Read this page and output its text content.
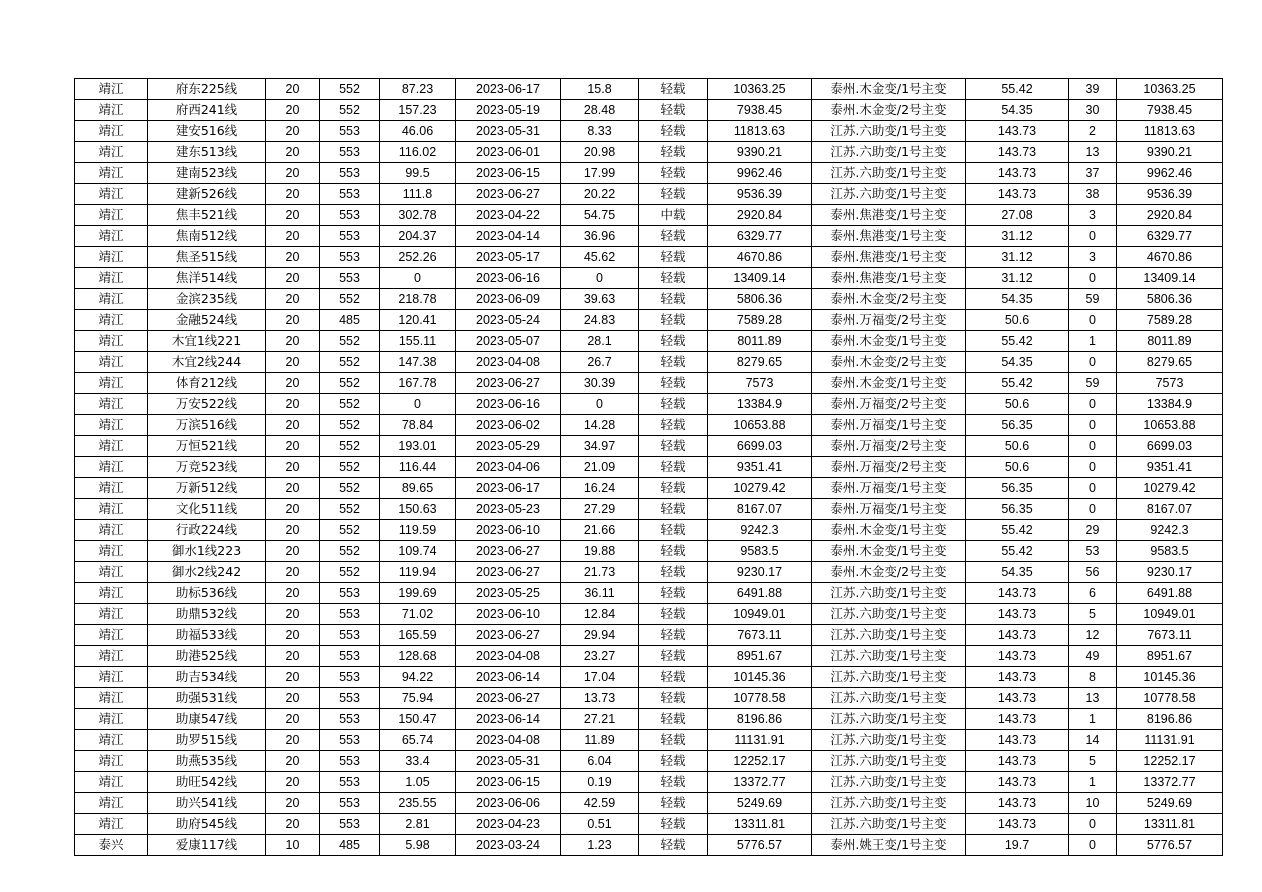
靖江	府东225线	20	552	87.23	2023-06-17	15.8	轻载	10363.25	泰州.木金变/1号主变	55.42	39	10363.25
靖江	府西241线	20	552	157.23	2023-05-19	28.48	轻载	7938.45	泰州.木金变/2号主变	54.35	30	7938.45
靖江	建安516线	20	553	46.06	2023-05-31	8.33	轻载	11813.63	江苏.六助变/1号主变	143.73	2	11813.63
靖江	建东513线	20	553	116.02	2023-06-01	20.98	轻载	9390.21	江苏.六助变/1号主变	143.73	13	9390.21
靖江	建南523线	20	553	99.5	2023-06-15	17.99	轻载	9962.46	江苏.六助变/1号主变	143.73	37	9962.46
靖江	建新526线	20	553	111.8	2023-06-27	20.22	轻载	9536.39	江苏.六助变/1号主变	143.73	38	9536.39
靖江	焦丰521线	20	553	302.78	2023-04-22	54.75	中载	2920.84	泰州.焦港变/1号主变	27.08	3	2920.84
靖江	焦南512线	20	553	204.37	2023-04-14	36.96	轻载	6329.77	泰州.焦港变/1号主变	31.12	0	6329.77
靖江	焦圣515线	20	553	252.26	2023-05-17	45.62	轻载	4670.86	泰州.焦港变/1号主变	31.12	3	4670.86
靖江	焦洋514线	20	553	0	2023-06-16	0	轻载	13409.14	泰州.焦港变/1号主变	31.12	0	13409.14
靖江	金滨235线	20	552	218.78	2023-06-09	39.63	轻载	5806.36	泰州.木金变/2号主变	54.35	59	5806.36
靖江	金融524线	20	485	120.41	2023-05-24	24.83	轻载	7589.28	泰州.万福变/2号主变	50.6	0	7589.28
靖江	木宜1线221	20	552	155.11	2023-05-07	28.1	轻载	8011.89	泰州.木金变/1号主变	55.42	1	8011.89
靖江	木宜2线244	20	552	147.38	2023-04-08	26.7	轻载	8279.65	泰州.木金变/2号主变	54.35	0	8279.65
靖江	体育212线	20	552	167.78	2023-06-27	30.39	轻载	7573	泰州.木金变/1号主变	55.42	59	7573
靖江	万安522线	20	552	0	2023-06-16	0	轻载	13384.9	泰州.万福变/2号主变	50.6	0	13384.9
靖江	万滨516线	20	552	78.84	2023-06-02	14.28	轻载	10653.88	泰州.万福变/1号主变	56.35	0	10653.88
靖江	万恒521线	20	552	193.01	2023-05-29	34.97	轻载	6699.03	泰州.万福变/2号主变	50.6	0	6699.03
靖江	万竞523线	20	552	116.44	2023-04-06	21.09	轻载	9351.41	泰州.万福变/2号主变	50.6	0	9351.41
靖江	万新512线	20	552	89.65	2023-06-17	16.24	轻载	10279.42	泰州.万福变/1号主变	56.35	0	10279.42
靖江	文化511线	20	552	150.63	2023-05-23	27.29	轻载	8167.07	泰州.万福变/1号主变	56.35	0	8167.07
靖江	行政224线	20	552	119.59	2023-06-10	21.66	轻载	9242.3	泰州.木金变/1号主变	55.42	29	9242.3
靖江	御水1线223	20	552	109.74	2023-06-27	19.88	轻载	9583.5	泰州.木金变/1号主变	55.42	53	9583.5
靖江	御水2线242	20	552	119.94	2023-06-27	21.73	轻载	9230.17	泰州.木金变/2号主变	54.35	56	9230.17
靖江	助标536线	20	553	199.69	2023-05-25	36.11	轻载	6491.88	江苏.六助变/1号主变	143.73	6	6491.88
靖江	助鼎532线	20	553	71.02	2023-06-10	12.84	轻载	10949.01	江苏.六助变/1号主变	143.73	5	10949.01
靖江	助福533线	20	553	165.59	2023-06-27	29.94	轻载	7673.11	江苏.六助变/1号主变	143.73	12	7673.11
靖江	助港525线	20	553	128.68	2023-04-08	23.27	轻载	8951.67	江苏.六助变/1号主变	143.73	49	8951.67
靖江	助吉534线	20	553	94.22	2023-06-14	17.04	轻载	10145.36	江苏.六助变/1号主变	143.73	8	10145.36
靖江	助强531线	20	553	75.94	2023-06-27	13.73	轻载	10778.58	江苏.六助变/1号主变	143.73	13	10778.58
靖江	助康547线	20	553	150.47	2023-06-14	27.21	轻载	8196.86	江苏.六助变/1号主变	143.73	1	8196.86
靖江	助罗515线	20	553	65.74	2023-04-08	11.89	轻载	11131.91	江苏.六助变/1号主变	143.73	14	11131.91
靖江	助燕535线	20	553	33.4	2023-05-31	6.04	轻载	12252.17	江苏.六助变/1号主变	143.73	5	12252.17
靖江	助旺542线	20	553	1.05	2023-06-15	0.19	轻载	13372.77	江苏.六助变/1号主变	143.73	1	13372.77
靖江	助兴541线	20	553	235.55	2023-06-06	42.59	轻载	5249.69	江苏.六助变/1号主变	143.73	10	5249.69
靖江	助府545线	20	553	2.81	2023-04-23	0.51	轻载	13311.81	江苏.六助变/1号主变	143.73	0	13311.81
泰兴	爱康117线	10	485	5.98	2023-03-24	1.23	轻载	5776.57	泰州.姚王变/1号主变	19.7	0	5776.57
